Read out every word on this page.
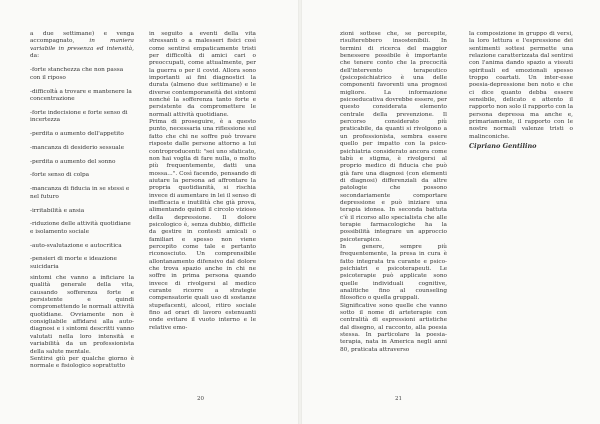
a due settimane) e venga accompagnato, in maniera variabile in presenza ed intensità, da:

-forte stanchezza che non passa con il riposo

-difficoltà a trovare e mantenere la concentrazione

-forte indecisione e forte senso di incertezza

-perdita o aumento dell'appetito

-mancanza di desiderio sessuale

-perdita o aumento del sonno

-forte senso di colpa

-mancanza di fiducia in se stessi e nel futuro

-irritabilità e ansia

-riduzione delle attività quotidiane e isolamento sociale

-auto-svalutazione e autocritica

-pensieri di morte e ideazione suicidaria

sintomi che vanno a inficiare la qualità generale della vita, causando sofferenza forte e persistente e quindi compromettendo le normali attività quotidiane. Ovviamente non è consigliabile affidarsi alla auto-diagnosi e i sintomi descritti vanno valutati nella loro intensità e variabilità da un professionista della salute mentale.

Sentirsi giù per qualche giorno è normale e fisiologico soprattutto

in seguito a eventi della vita stressanti o a malesseri fisici così come sentirsi empaticamente tristi per difficoltà di amici cari o preoccupati, come attualmente, per la guerra o per il covid. Allora sono importanti ai fini diagnostici la durata (almeno due settimane) e le diverse contemporaneità dei sintomi nonché la sofferenza tanto forte e persistente da compromettere le normali attività quotidiane.

Prima di proseguire, è a questo punto, necessaria una riflessione sul fatto che chi ne soffre può trovare risposte dalle persone attorno a lui controproducenti: "sei uno sfaticato, non hai voglia di fare nulla, o molto più frequentemente, datti una mossa...". Così facendo, pensando di aiutare la persona ad affrontare la propria quotidianità, si rischia invece di aumentare in lei il senso di inefficacia e inutilità che già prova, alimentando quindi il circolo vizioso della depressione. Il dolore psicologico è, senza dubbio, difficile da gestire in contesti amicali o familiari e spesso non viene percepito come tale e pertanto riconosciuto. Un comprensibile allontanamento difensivo dal dolore che trova spazio anche in chi ne soffre in prima persona quando invece di rivolgersi al medico curante ricorre a strategie compensatorie quali uso di sostanze stupefacenti, alcool, ritiro sociale fino ad orari di lavoro estenuanti onde evitare il vuoto interno e le relative emo-

20

zioni sottese che, se percepite, risulterebbero insostenibili. In termini di ricerca del maggior benessere possibile è importante che tenere conto che la precocità dell'intervento terapeutico (psicopsichiatrico è una delle componenti favorenti una prognosi migliore. La informazione psicoeducativa dovrebbe essere, per questo considerata elemento centrale della prevenzione. Il percorso considerato più praticabile, da quanti si rivolgono a un professionista, sembra essere quello per impatto con la psico-psichiatria considerato ancora come tabù e stigma, è rivolgersi al proprio medico di fiducia che può già fare una diagnosi (con elementi di diagnosi) differenziali da altre patologie che possono secondariamente comportare depressione e può iniziare una terapia idonea. In seconda battuta c'è il ricorso allo specialista che alle terapie farmacologiche ha la possibilità integrare un approccio psicoterapico.

In genere, sempre più frequentemente, la presa in cura è fatto integrata tra curante e psico-psichiatri e psicoterapeuti. Le psicoterapie può applicate sono quelle individuali cognitive, analitiche fino al counseling filosofico o quella gruppali.

Significative sono quelle che vanno sotto il nome di arteterapie con centralità di espressioni artistiche dal disegno, al racconto, alla poesia stessa. In particolare la poesia-terapia, nata in America negli anni 80, praticata attraverso

la composizione in gruppo di versi, la loro lettura e l'espressione dei sentimenti sottesi permette una relazione caratterizzata dal sentirsi con l'anima dando spazio a vissuti spirituali ed emozionali spesso troppo coartati. Un inter-esse poesia-depressione ben noto e che ci dice quanto debba essere sensibile, delicato e attento il rapporto non solo il rapporto con la persona depressa ma anche e, primariamente, il rapporto con le nostre normali valenze tristi o malinconiche.

Cipriano Gentilino

21
